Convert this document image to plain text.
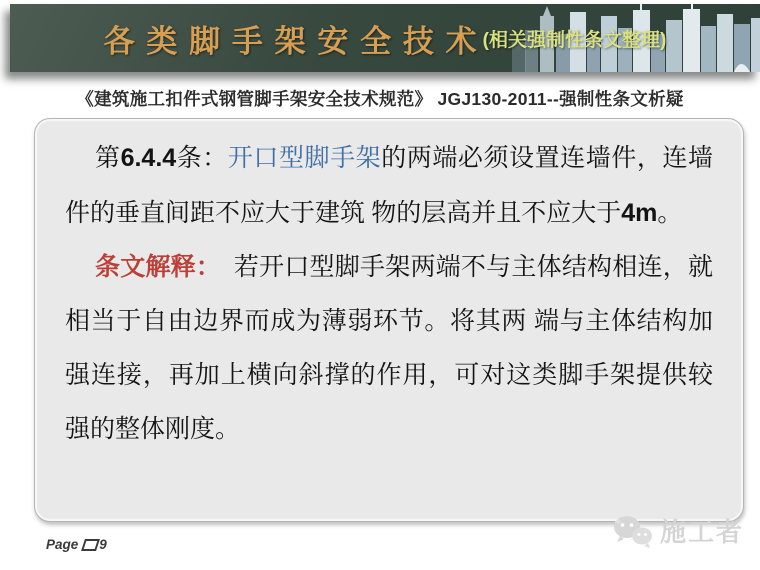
各 类 脚 手 架 安 全 技 术 (相关强制性条文整理)
《建筑施工扣件式钢管脚手架安全技术规范》 JGJ130-2011--强制性条文析疑

第6.4.4条：开口型脚手架的两端必须设置连墙件，连墙件的垂直间距不应大于建筑 物的层高并且不应大于4m。

条文解释：　若开口型脚手架两端不与主体结构相连，就相当于自由边界而成为薄弱环节。将其两 端与主体结构加强连接，再加上横向斜撑的作用，可对这类脚手架提供较强的整体刚度。

Page 9	施工者
